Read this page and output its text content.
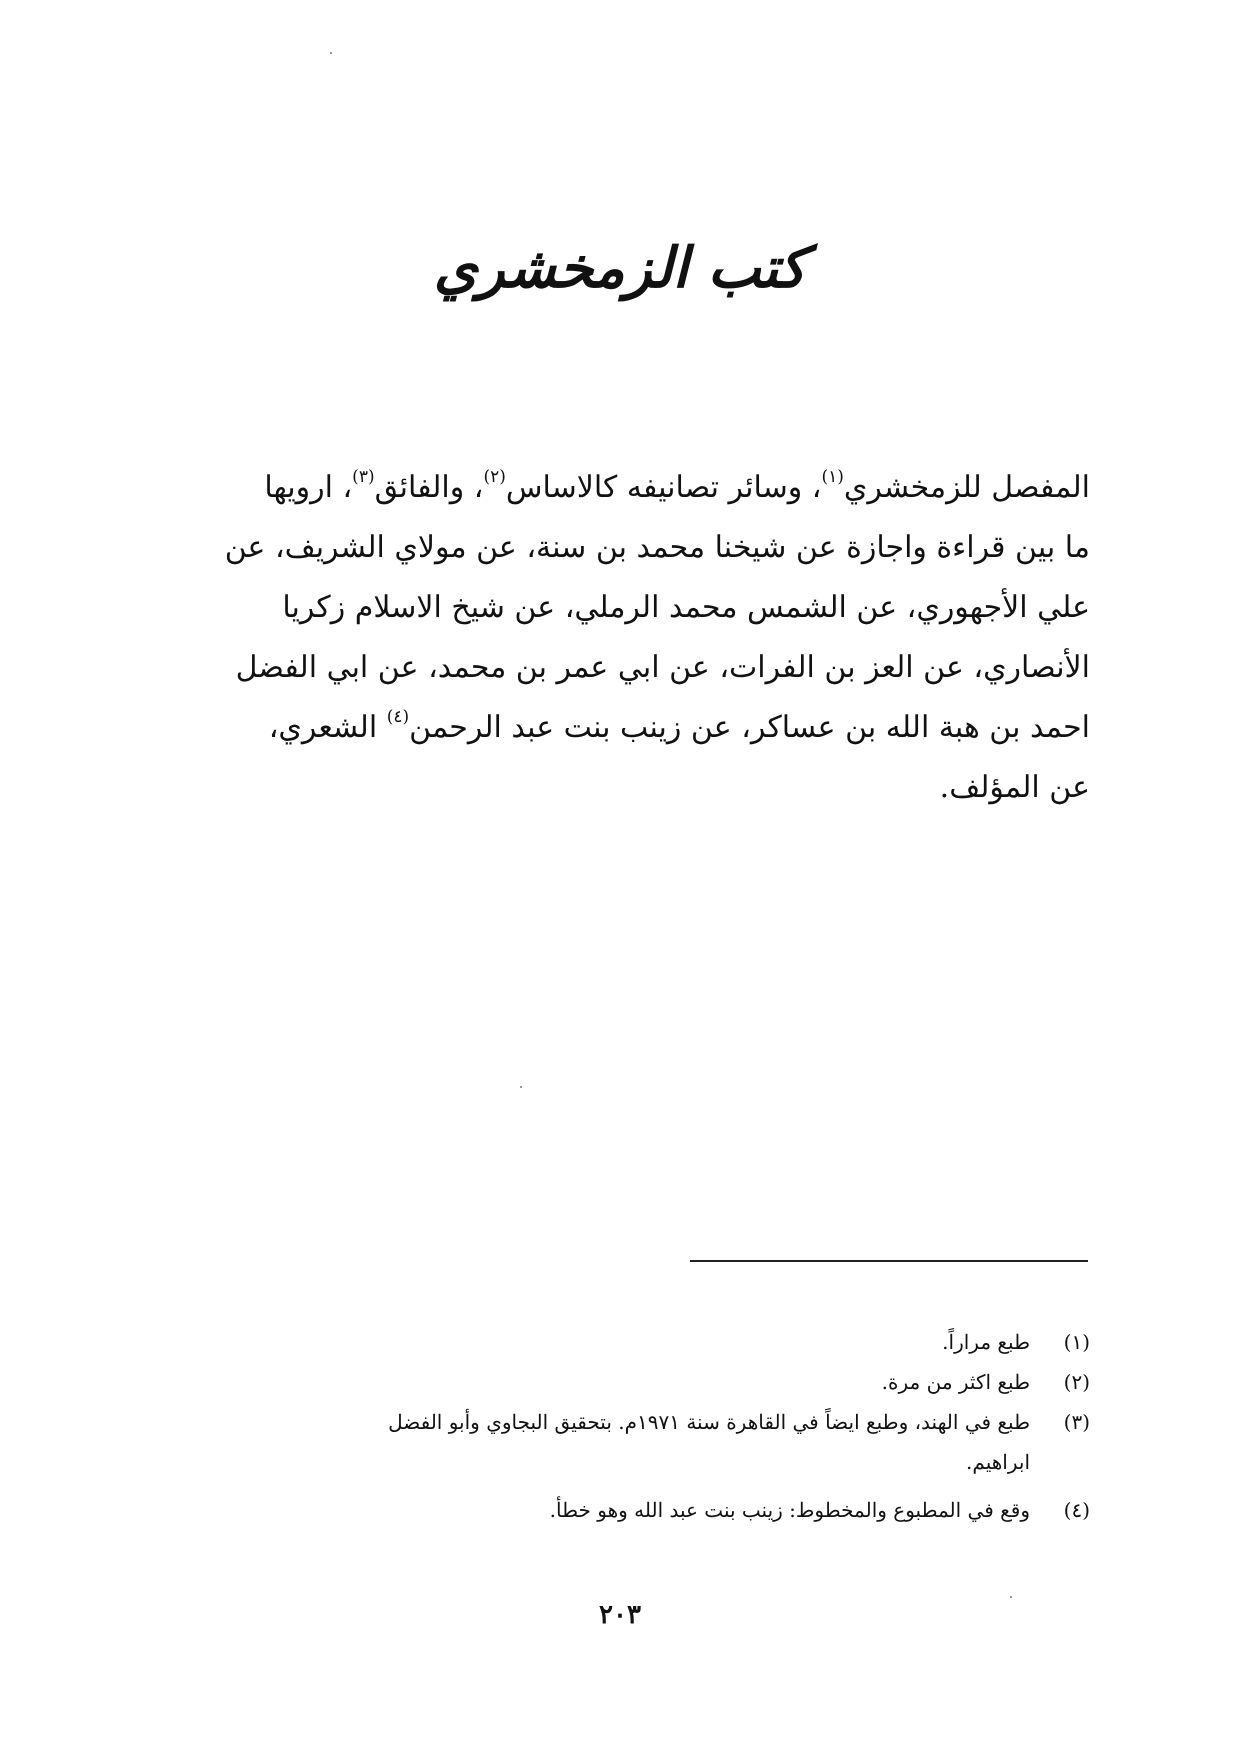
كتب الزمخشري
المفصل للزمخشري$^{(١)}$، وسائر تصانيفه كالاساس$^{(٢)}$، والفائق$^{(٣)}$، ارويها
ما بين قراءة واجازة عن شيخنا محمد بن سنة، عن مولاي الشريف، عن
علي الأجهوري، عن الشمس محمد الرملي، عن شيخ الاسلام زكريا
الأنصاري، عن العز بن الفرات، عن ابي عمر بن محمد، عن ابي الفضل
احمد بن هبة الله بن عساكر، عن زينب بنت عبد الرحمن$^{(٤)}$ الشعري،
عن المؤلف.
(١)
طبع مراراً.
(٢)
طبع اكثر من مرة.
(٣)
طبع في الهند، وطبع ايضاً في القاهرة سنة ١٩٧١م. بتحقيق البجاوي وأبو الفضل
ابراهيم.
(٤)
وقع في المطبوع والمخطوط: زينب بنت عبد الله وهو خطأ.
٢٠٣
